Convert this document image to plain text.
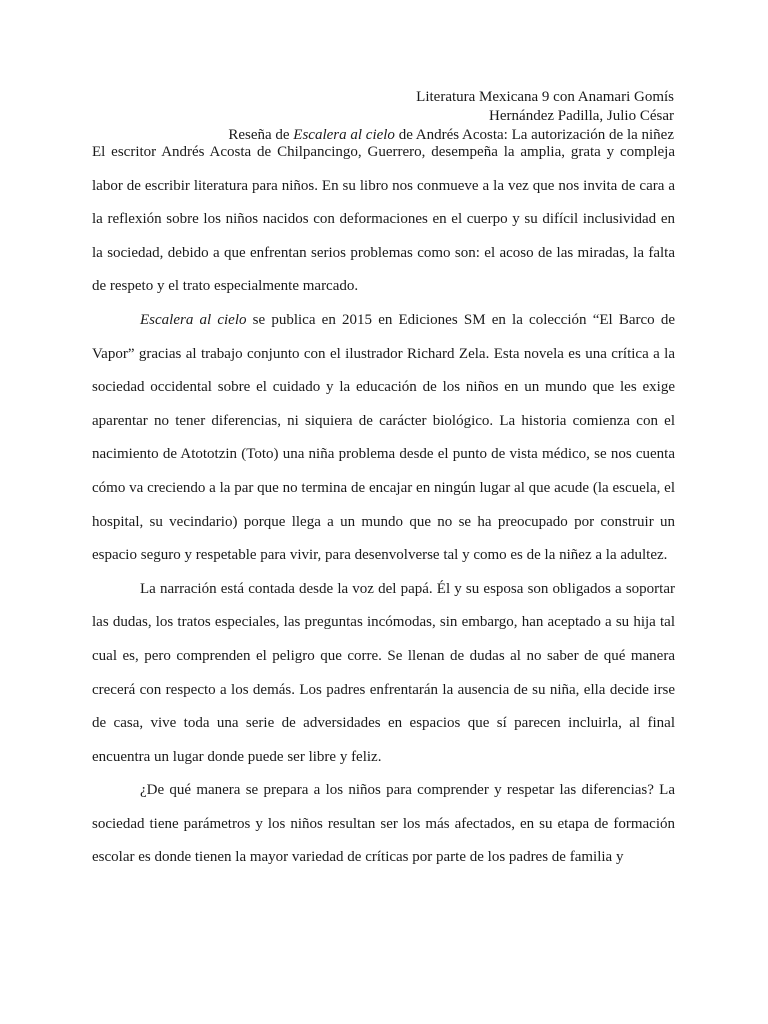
Literatura Mexicana 9 con Anamari Gomís
Hernández Padilla, Julio César
Reseña de Escalera al cielo de Andrés Acosta: La autorización de la niñez

El escritor Andrés Acosta de Chilpancingo, Guerrero, desempeña la amplia, grata y compleja labor de escribir literatura para niños. En su libro nos conmueve a la vez que nos invita de cara a la reflexión sobre los niños nacidos con deformaciones en el cuerpo y su difícil inclusividad en la sociedad, debido a que enfrentan serios problemas como son: el acoso de las miradas, la falta de respeto y el trato especialmente marcado.

Escalera al cielo se publica en 2015 en Ediciones SM en la colección “El Barco de Vapor” gracias al trabajo conjunto con el ilustrador Richard Zela. Esta novela es una crítica a la sociedad occidental sobre el cuidado y la educación de los niños en un mundo que les exige aparentar no tener diferencias, ni siquiera de carácter biológico. La historia comienza con el nacimiento de Atototzin (Toto) una niña problema desde el punto de vista médico, se nos cuenta cómo va creciendo a la par que no termina de encajar en ningún lugar al que acude (la escuela, el hospital, su vecindario) porque llega a un mundo que no se ha preocupado por construir un espacio seguro y respetable para vivir, para desenvolverse tal y como es de la niñez a la adultez.

La narración está contada desde la voz del papá. Él y su esposa son obligados a soportar las dudas, los tratos especiales, las preguntas incómodas, sin embargo, han aceptado a su hija tal cual es, pero comprenden el peligro que corre. Se llenan de dudas al no saber de qué manera crecerá con respecto a los demás. Los padres enfrentarán la ausencia de su niña, ella decide irse de casa, vive toda una serie de adversidades en espacios que sí parecen incluirla, al final encuentra un lugar donde puede ser libre y feliz.

¿De qué manera se prepara a los niños para comprender y respetar las diferencias? La sociedad tiene parámetros y los niños resultan ser los más afectados, en su etapa de formación escolar es donde tienen la mayor variedad de críticas por parte de los padres de familia y
